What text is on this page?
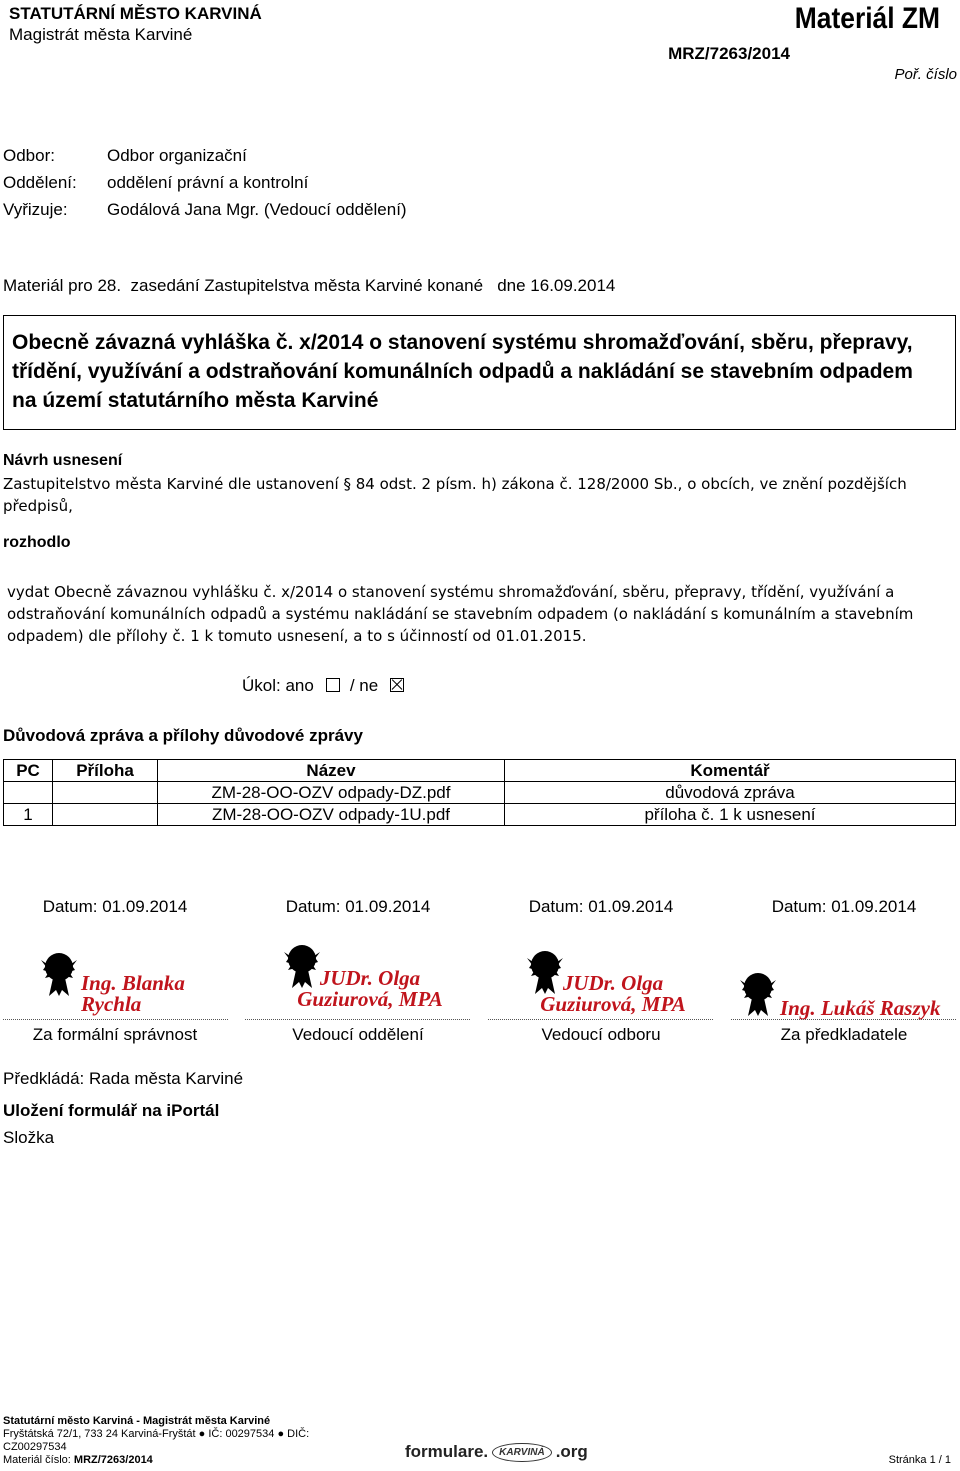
STATUTÁRNÍ MĚSTO KARVINÁ
Magistrát města Karviné	Materiál ZM
MRZ/7263/2014
Poř. číslo
Odbor:	Odbor organizační
Oddělení: oddělení právní a kontrolní
Vyřizuje: Godálová Jana Mgr. (Vedoucí oddělení)
Materiál pro 28.  zasedání Zastupitelstva města Karviné konané   dne 16.09.2014
Obecně závazná vyhláška č. x/2014 o stanovení systému shromažďování, sběru, přepravy, třídění, využívání a odstraňování komunálních odpadů a nakládání se stavebním odpadem na území statutárního města Karviné
Návrh usnesení
Zastupitelstvo města Karviné dle ustanovení § 84 odst. 2 písm. h) zákona č. 128/2000 Sb., o obcích, ve znění pozdějších předpisů,
rozhodlo
vydat Obecně závaznou vyhlášku č. x/2014 o stanovení systému shromažďování, sběru, přepravy, třídění, využívání a odstraňování komunálních odpadů a systému nakládání se stavebním odpadem (o nakládání s komunálním a stavebním odpadem) dle přílohy č. 1 k tomuto usnesení, a to s účinností od 01.01.2015.
Úkol: ano / ne
Důvodová zpráva a přílohy důvodové zprávy
PC	Příloha	Název	Komentář
		ZM-28-OO-OZV odpady-DZ.pdf	důvodová zpráva
1		ZM-28-OO-OZV odpady-1U.pdf	příloha č. 1 k usnesení
Datum: 01.09.2014	Datum: 01.09.2014	Datum: 01.09.2014	Datum: 01.09.2014
Ing. Blanka Rychla
JUDr. Olga Guziurová, MPA
JUDr. Olga Guziurová, MPA	Ing. Lukáš Raszyk
Za formální správnost	Vedoucí oddělení	Vedoucí odboru	Za předkladatele
Předkládá: Rada města Karviné
Uložení formulář na iPortál
Složka
Statutární město Karviná - Magistrát města Karviné
Fryštátská 72/1, 733 24 Karviná-Fryštát ● IČ: 00297534 ● DIČ:
CZ00297534
Materiál číslo: MRZ/7263/2014	formulare.	KARVINÁ .org	Stránka 1 / 1
